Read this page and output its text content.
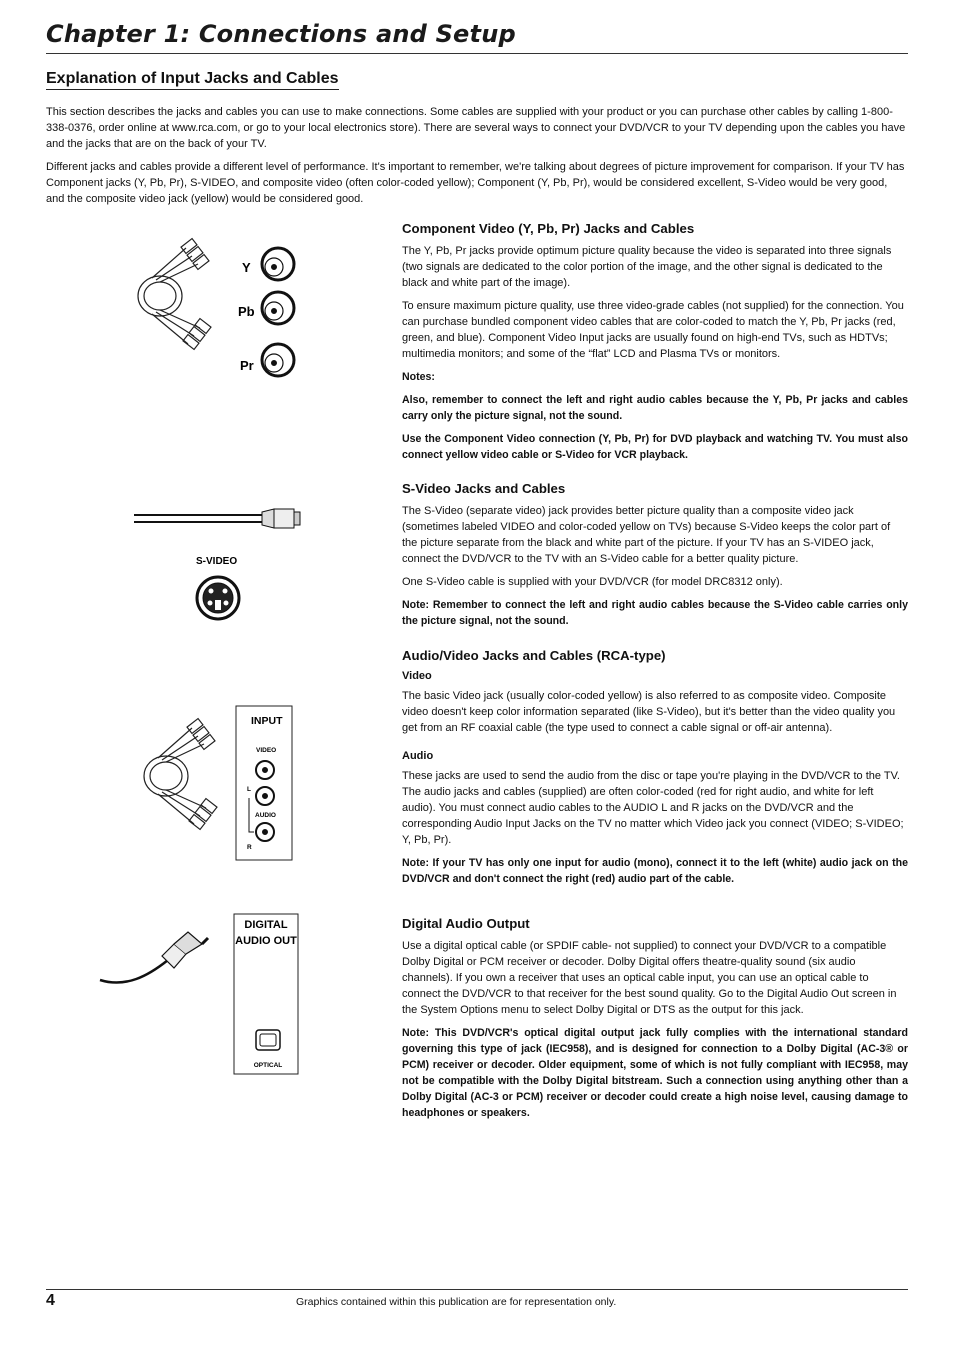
Chapter 1: Connections and Setup
Explanation of Input Jacks and Cables

This section describes the jacks and cables you can use to make connections. Some cables are supplied with your product or you can purchase other cables by calling 1-800-338-0376, order online at www.rca.com, or go to your local electronics store). There are several ways to connect your DVD/VCR to your TV depending upon the cables you have and the jacks that are on the back of your TV.

Different jacks and cables provide a different level of performance. It's important to remember, we're talking about degrees of picture improvement for comparison. If your TV has Component jacks (Y, Pb, Pr), S-VIDEO, and composite video (often color-coded yellow); Component (Y, Pb, Pr), would be considered excellent, S-Video would be very good, and the composite video jack (yellow) would be considered good.

Y
Pb
Pr
S-VIDEO
INPUT
VIDEO
L
AUDIO
R
DIGITAL
AUDIO OUT
OPTICAL
Component Video (Y, Pb, Pr) Jacks and Cables

The Y, Pb, Pr jacks provide optimum picture quality because the video is separated into three signals (two signals are dedicated to the color portion of the image, and the other signal is dedicated to the black and white part of the image).

To ensure maximum picture quality, use three video-grade cables (not supplied) for the connection. You can purchase bundled component video cables that are color-coded to match the Y, Pb, Pr jacks (red, green, and blue). Component Video Input jacks are usually found on high-end TVs, such as HDTVs; multimedia monitors; and some of the “flat” LCD and Plasma TVs or monitors.

Notes:

Also, remember to connect the left and right audio cables because the Y, Pb, Pr jacks and cables carry only the picture signal, not the sound.

Use the Component Video connection (Y, Pb, Pr) for DVD playback and watching TV. You must also connect yellow video cable or S-Video for VCR playback.

S-Video Jacks and Cables

The S-Video (separate video) jack provides better picture quality than a composite video jack (sometimes labeled VIDEO and color-coded yellow on TVs) because S-Video keeps the color part of the picture separate from the black and white part of the picture. If your TV has an S-VIDEO jack, connect the DVD/VCR to the TV with an S-Video cable for a better quality picture.

One S-Video cable is supplied with your DVD/VCR (for model DRC8312 only).

Note: Remember to connect the left and right audio cables because the S-Video cable carries only the picture signal, not the sound.

Audio/Video Jacks and Cables (RCA-type)
Video

The basic Video jack (usually color-coded yellow) is also referred to as composite video. Composite video doesn't keep color information separated (like S-Video), but it's better than the video quality you get from an RF coaxial cable (the type used to connect a cable signal or off-air antenna).

Audio

These jacks are used to send the audio from the disc or tape you're playing in the DVD/VCR to the TV. The audio jacks and cables (supplied) are often color-coded (red for right audio, and white for left audio). You must connect audio cables to the AUDIO L and R jacks on the DVD/VCR and the corresponding Audio Input Jacks on the TV no matter which Video jack you connect (VIDEO; S-VIDEO; Y, Pb, Pr).

Note: If your TV has only one input for audio (mono), connect it to the left (white) audio jack on the DVD/VCR and don't connect the right (red) audio part of the cable.

Digital Audio Output

Use a digital optical cable (or SPDIF cable- not supplied) to connect your DVD/VCR to a compatible Dolby Digital or PCM receiver or decoder. Dolby Digital offers theatre-quality sound (six audio channels). If you own a receiver that uses an optical cable input, you can use an optical cable to connect the DVD/VCR to that receiver for the best sound quality. Go to the Digital Audio Out screen in the System Options menu to select Dolby Digital or DTS as the output for this jack.

Note: This DVD/VCR's optical digital output jack fully complies with the international standard governing this type of jack (IEC958), and is designed for connection to a Dolby Digital (AC-3® or PCM) receiver or decoder. Older equipment, some of which is not fully compliant with IEC958, may not be compatible with the Dolby Digital bitstream. Such a connection using anything other than a Dolby Digital (AC-3 or PCM) receiver or decoder could create a high noise level, causing damage to headphones or speakers.

4	Graphics contained within this publication are for representation only.
